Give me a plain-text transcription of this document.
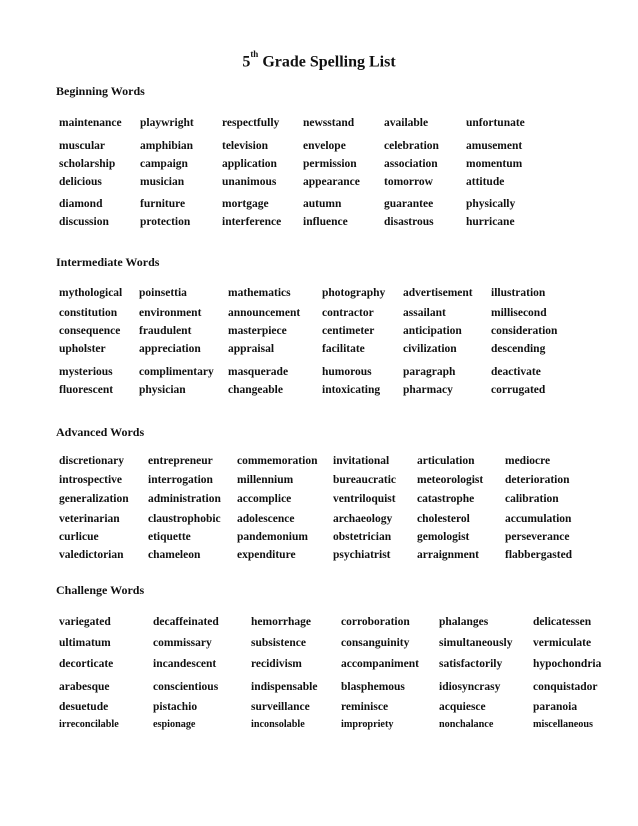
5th Grade Spelling List
Beginning Words
maintenance playwright respectfully newsstand	available	unfortunate
muscular	amphibian	television	envelope	celebration amusement
scholarship campaign	application permission association momentum
delicious	musician	unanimous appearance tomorrow	attitude
diamond	furniture	mortgage	autumn	guarantee	physically
discussion	protection	interference influence	disastrous	hurricane
Intermediate Words
mythological poinsettia	mathematics	photography advertisement illustration
constitution environment announcement contractor	assailant	millisecond
consequence fraudulent	masterpiece	centimeter anticipation	consideration
upholster	appreciation appraisal	facilitate	civilization	descending
mysterious complimentary masquerade	humorous	paragraph	deactivate
fluorescent physician	changeable	intoxicating pharmacy	corrugated
Advanced Words
discretionary entrepreneur commemoration invitational articulation	mediocre
introspective interrogation millennium	bureaucratic meteorologist deterioration
generalization administration accomplice	ventriloquist catastrophe	calibration
veterinarian claustrophobic adolescence	archaeology cholesterol	accumulation
curlicue	etiquette	pandemonium obstetrician gemologist	perseverance
valedictorian chameleon	expenditure	psychiatrist arraignment flabbergasted
Challenge Words
variegated	decaffeinated	hemorrhage	corroboration	phalanges	delicatessen
ultimatum	commissary	subsistence	consanguinity	simultaneously vermiculate
decorticate	incandescent	recidivism	accompaniment satisfactorily	hypochondria
arabesque	conscientious	indispensable blasphemous	idiosyncrasy	conquistador
desuetude	pistachio	surveillance	reminisce	acquiesce	paranoia
irreconcilable	espionage	inconsolable	impropriety	nonchalance	miscellaneous
